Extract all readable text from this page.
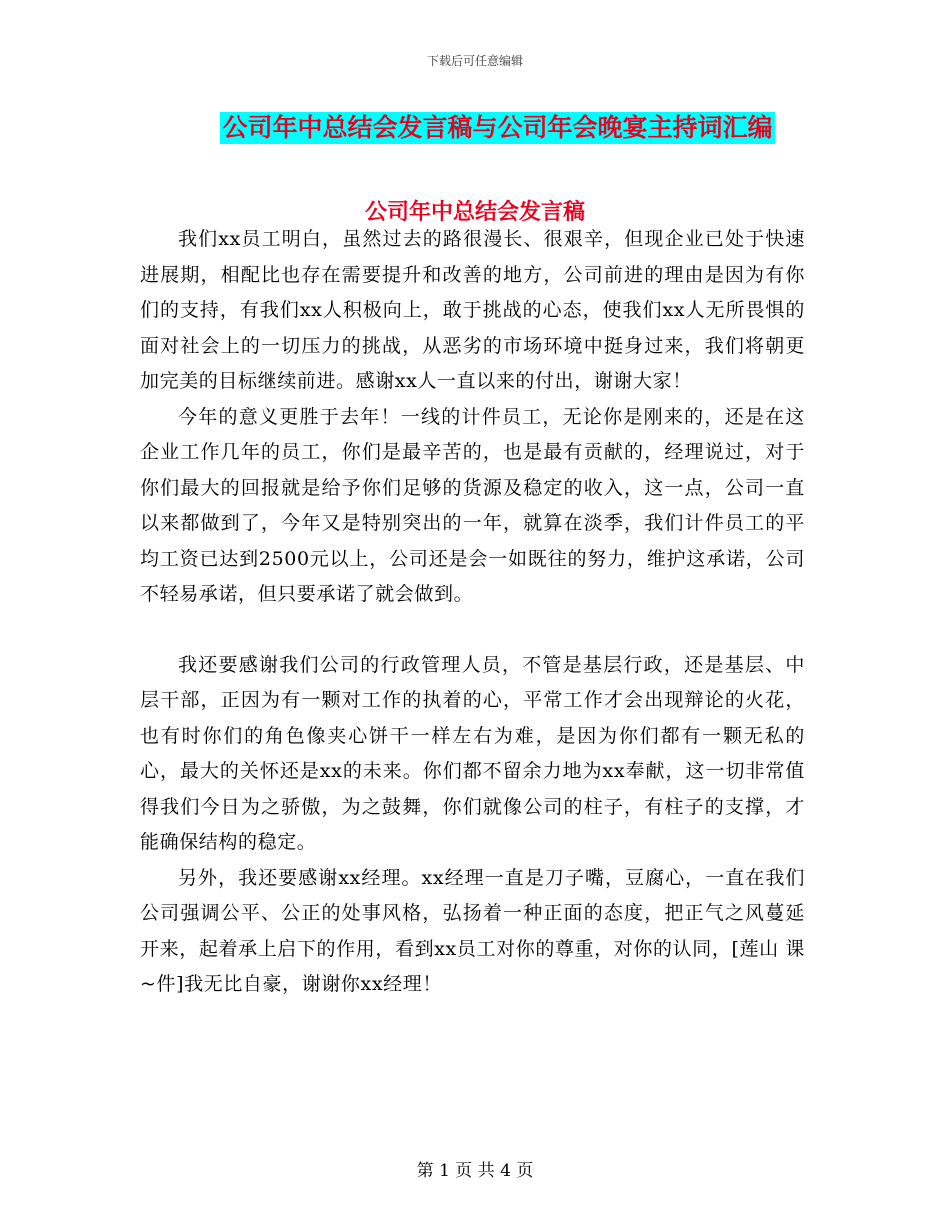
下载后可任意编辑
公司年中总结会发言稿与公司年会晚宴主持词汇编
公司年中总结会发言稿

我们xx员工明白，虽然过去的路很漫长、很艰辛，但现企业已处于快速进展期，相配比也存在需要提升和改善的地方，公司前进的理由是因为有你们的支持，有我们xx人积极向上，敢于挑战的心态，使我们xx人无所畏惧的面对社会上的一切压力的挑战，从恶劣的市场环境中挺身过来，我们将朝更加完美的目标继续前进。感谢xx人一直以来的付出，谢谢大家！

今年的意义更胜于去年！一线的计件员工，无论你是刚来的，还是在这企业工作几年的员工，你们是最辛苦的，也是最有贡献的，经理说过，对于你们最大的回报就是给予你们足够的货源及稳定的收入，这一点，公司一直以来都做到了，今年又是特别突出的一年，就算在淡季，我们计件员工的平均工资已达到2500元以上，公司还是会一如既往的努力，维护这承诺，公司不轻易承诺，但只要承诺了就会做到。

我还要感谢我们公司的行政管理人员，不管是基层行政，还是基层、中层干部，正因为有一颗对工作的执着的心，平常工作才会出现辩论的火花，也有时你们的角色像夹心饼干一样左右为难，是因为你们都有一颗无私的心，最大的关怀还是xx的未来。你们都不留余力地为xx奉献，这一切非常值得我们今日为之骄傲，为之鼓舞，你们就像公司的柱子，有柱子的支撑，才能确保结构的稳定。

另外，我还要感谢xx经理。xx经理一直是刀子嘴，豆腐心，一直在我们公司强调公平、公正的处事风格，弘扬着一种正面的态度，把正气之风蔓延开来，起着承上启下的作用，看到xx员工对你的尊重，对你的认同，[莲山 课~件]我无比自豪，谢谢你xx经理！

第 1 页 共 4 页
